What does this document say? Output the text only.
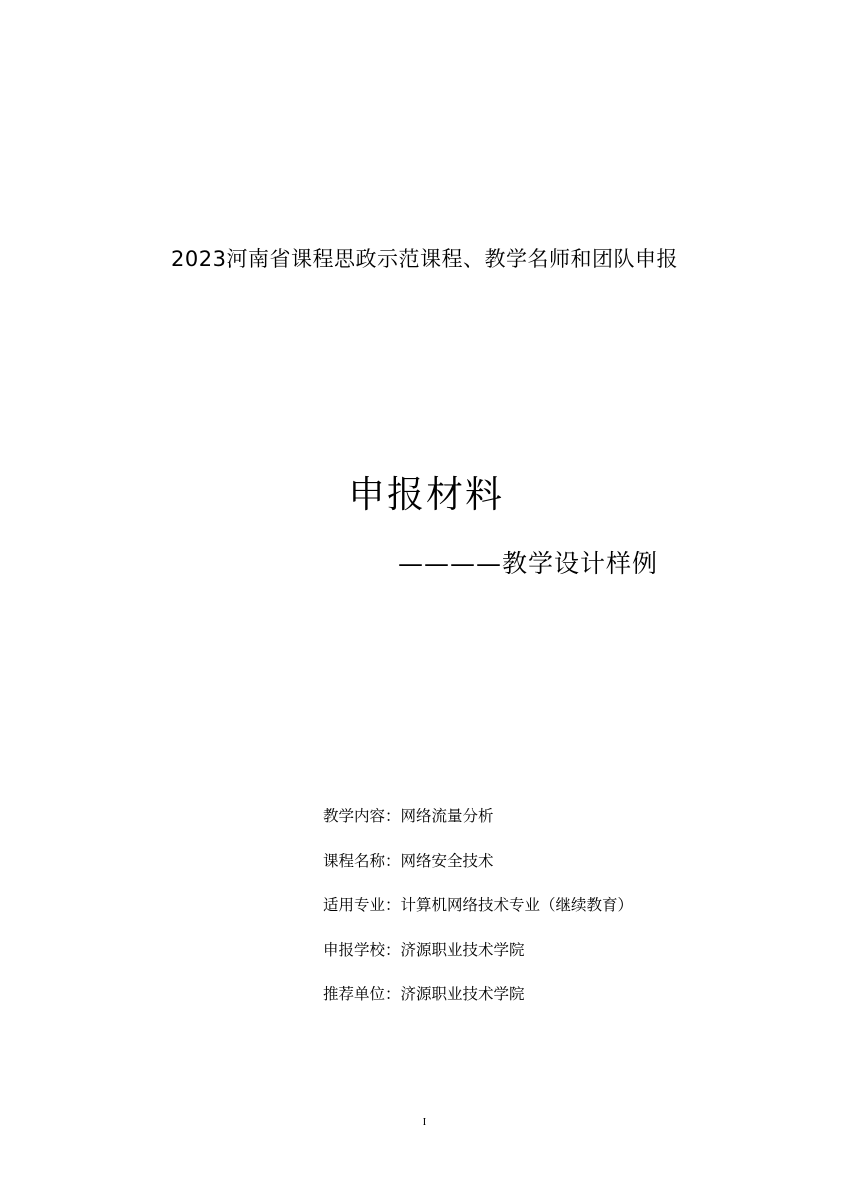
2023河南省课程思政示范课程、教学名师和团队申报
申报材料
————教学设计样例
教学内容：网络流量分析
课程名称：网络安全技术
适用专业：计算机网络技术专业（继续教育）
申报学校：济源职业技术学院
推荐单位：济源职业技术学院
I
